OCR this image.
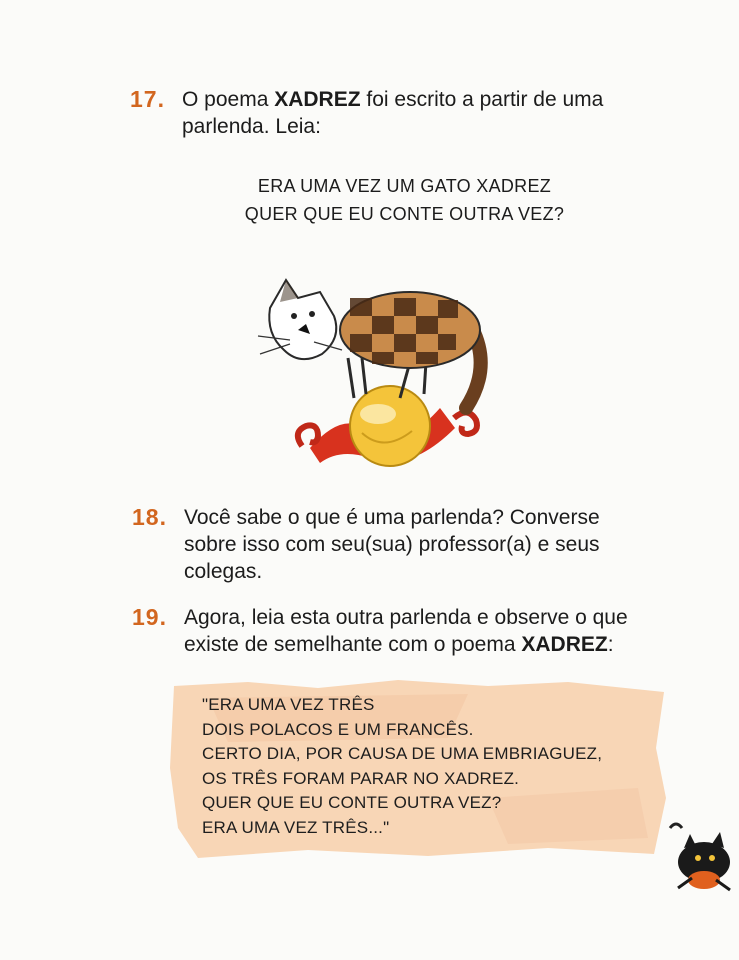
17. O poema XADREZ foi escrito a partir de uma
parlenda. Leia:
ERA UMA VEZ UM GATO XADREZ
QUER QUE EU CONTE OUTRA VEZ?
18. Você sabe o que é uma parlenda? Converse
sobre isso com seu(sua) professor(a) e seus
colegas.
19. Agora, leia esta outra parlenda e observe o que
existe de semelhante com o poema XADREZ:
"ERA UMA VEZ TRÊS
DOIS POLACOS E UM FRANCÊS.
CERTO DIA, POR CAUSA DE UMA EMBRIAGUEZ,
OS TRÊS FORAM PARAR NO XADREZ.
QUER QUE EU CONTE OUTRA VEZ?
ERA UMA VEZ TRÊS..."
